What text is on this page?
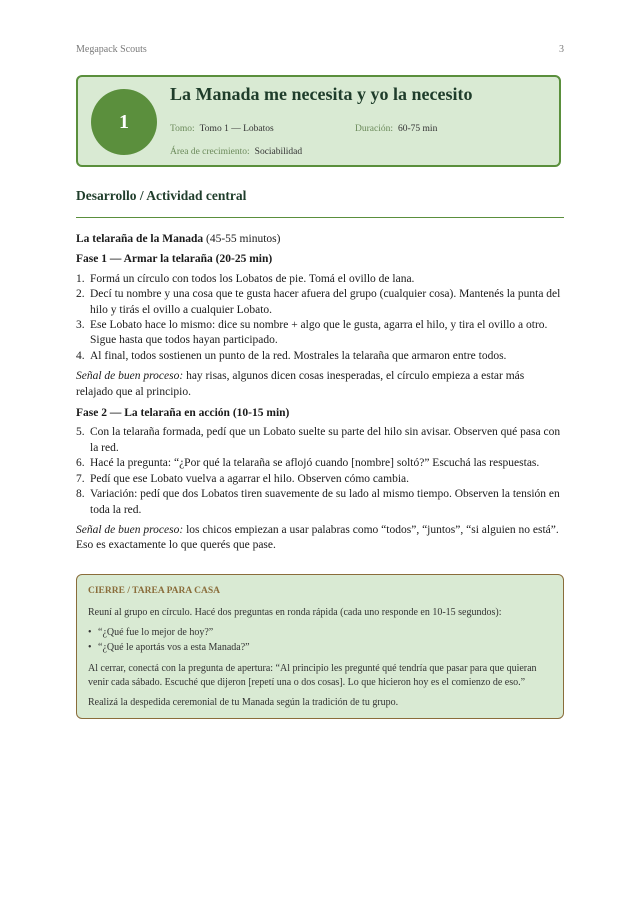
Megapack Scouts	3
1
La Manada me necesita y yo la necesito
Tomo: Tomo 1 — Lobatos	Duración: 60-75 min
Área de crecimiento: Sociabilidad
Desarrollo / Actividad central

La telaraña de la Manada (45-55 minutos)

Fase 1 — Armar la telaraña (20-25 min)
1. Formá un círculo con todos los Lobatos de pie. Tomá el ovillo de lana.
2. Decí tu nombre y una cosa que te gusta hacer afuera del grupo (cualquier cosa). Mantenés la punta del hilo y tirás el ovillo a cualquier Lobato.
3. Ese Lobato hace lo mismo: dice su nombre + algo que le gusta, agarra el hilo, y tira el ovillo a otro. Sigue hasta que todos hayan participado.
4. Al final, todos sostienen un punto de la red. Mostrales la telaraña que armaron entre todos.

Señal de buen proceso: hay risas, algunos dicen cosas inesperadas, el círculo empieza a estar más relajado que al principio.

Fase 2 — La telaraña en acción (10-15 min)
5. Con la telaraña formada, pedí que un Lobato suelte su parte del hilo sin avisar. Observen qué pasa con la red.
6. Hacé la pregunta: “¿Por qué la telaraña se aflojó cuando [nombre] soltó?” Escuchá las respuestas.
7. Pedí que ese Lobato vuelva a agarrar el hilo. Observen cómo cambia.
8. Variación: pedí que dos Lobatos tiren suavemente de su lado al mismo tiempo. Observen la tensión en toda la red.

Señal de buen proceso: los chicos empiezan a usar palabras como “todos”, “juntos”, “si alguien no está”. Eso es exactamente lo que querés que pase.

CIERRE / TAREA PARA CASA

Reuní al grupo en círculo. Hacé dos preguntas en ronda rápida (cada uno responde en 10-15 segundos):

• “¿Qué fue lo mejor de hoy?”
• “¿Qué le aportás vos a esta Manada?”

Al cerrar, conectá con la pregunta de apertura: “Al principio les pregunté qué tendría que pasar para que quieran venir cada sábado. Escuché que dijeron [repetí una o dos cosas]. Lo que hicieron hoy es el comienzo de eso.”

Realizá la despedida ceremonial de tu Manada según la tradición de tu grupo.
